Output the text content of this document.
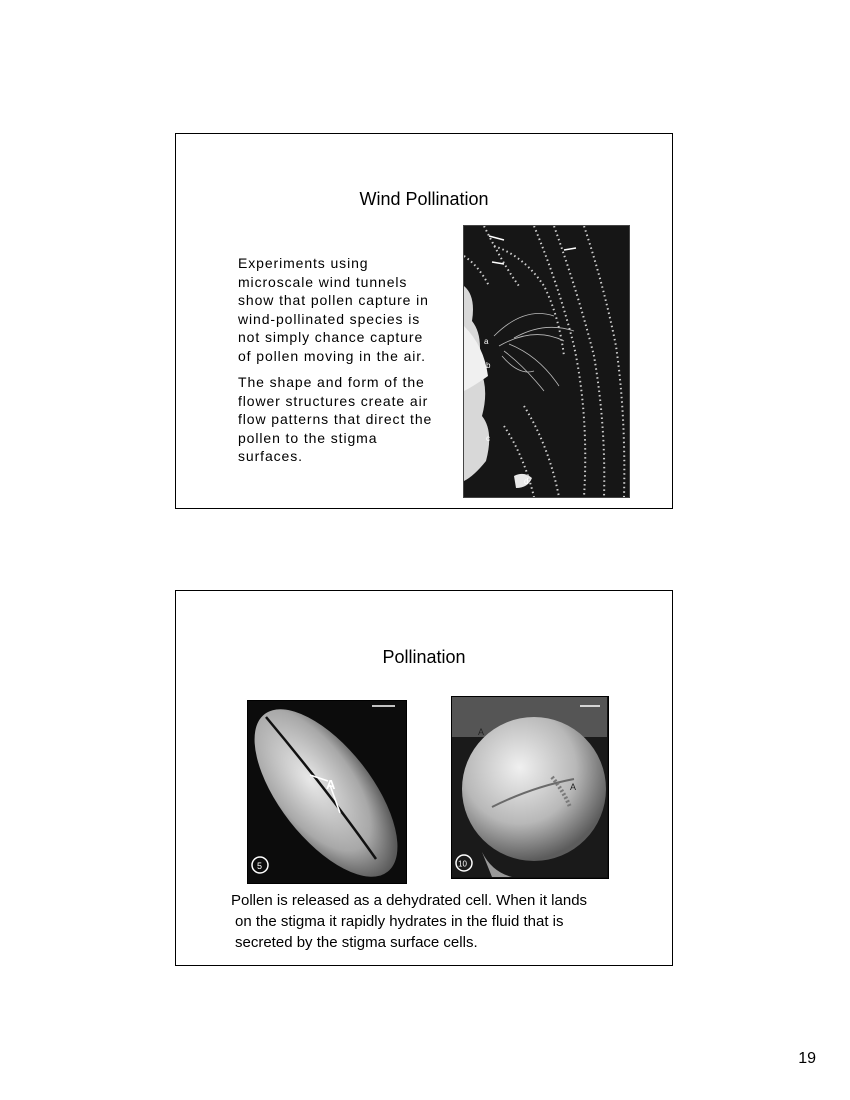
Wind Pollination

Experiments using microscale wind tunnels show that pollen capture in wind-pollinated species is not simply chance capture of pollen moving in the air.

The shape and form of the flower structures create air flow patterns that direct the pollen to the stigma surfaces.

a
b
c
d
Pollination
A
5
A
A
10
Pollen is released as a dehydrated cell. When it lands
on the stigma it rapidly hydrates in the fluid that is
secreted by the stigma surface cells.
19
